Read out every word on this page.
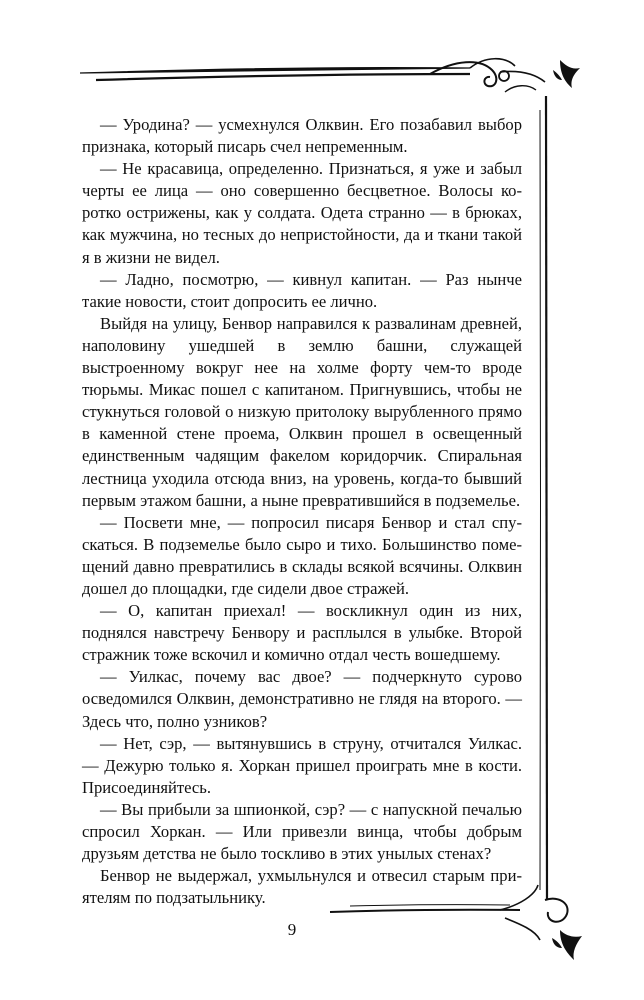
— Уродина? — усмехнулся Олквин. Его позабавил выбор признака, который писарь счел непременным.

— Не красавица, определенно. Признаться, я уже и забыл черты ее лица — оно совершенно бесцветное. Волосы коротко острижены, как у солдата. Одета странно — в брюках, как мужчина, но тесных до непристойности, да и ткани такой я в жизни не видел.

— Ладно, посмотрю, — кивнул капитан. — Раз нынче такие новости, стоит допросить ее лично.

Выйдя на улицу, Бенвор направился к развалинам древней, наполовину ушедшей в землю башни, служащей выстроенному вокруг нее на холме форту чем-то вроде тюрьмы. Микас пошел с капитаном. Пригнувшись, чтобы не стукнуться головой о низкую притолоку вырубленного прямо в каменной стене проема, Олквин прошел в освещенный единственным чадящим факелом коридорчик. Спиральная лестница уходила отсюда вниз, на уровень, когда-то бывший первым этажом башни, а ныне превратившийся в подземелье.

— Посвети мне, — попросил писаря Бенвор и стал спускаться. В подземелье было сыро и тихо. Большинство помещений давно превратились в склады всякой всячины. Олквин дошел до площадки, где сидели двое стражей.

— О, капитан приехал! — воскликнул один из них, поднялся навстречу Бенвору и расплылся в улыбке. Второй стражник тоже вскочил и комично отдал честь вошедшему.

— Уилкас, почему вас двое? — подчеркнуто сурово осведомился Олквин, демонстративно не глядя на второго. — Здесь что, полно узников?

— Нет, сэр, — вытянувшись в струну, отчитался Уилкас. — Дежурю только я. Хоркан пришел проиграть мне в кости. Присоединяйтесь.

— Вы прибыли за шпионкой, сэр? — с напускной печалью спросил Хоркан. — Или привезли винца, чтобы добрым друзьям детства не было тоскливо в этих унылых стенах?

Бенвор не выдержал, ухмыльнулся и отвесил старым приятелям по подзатыльнику.

9
